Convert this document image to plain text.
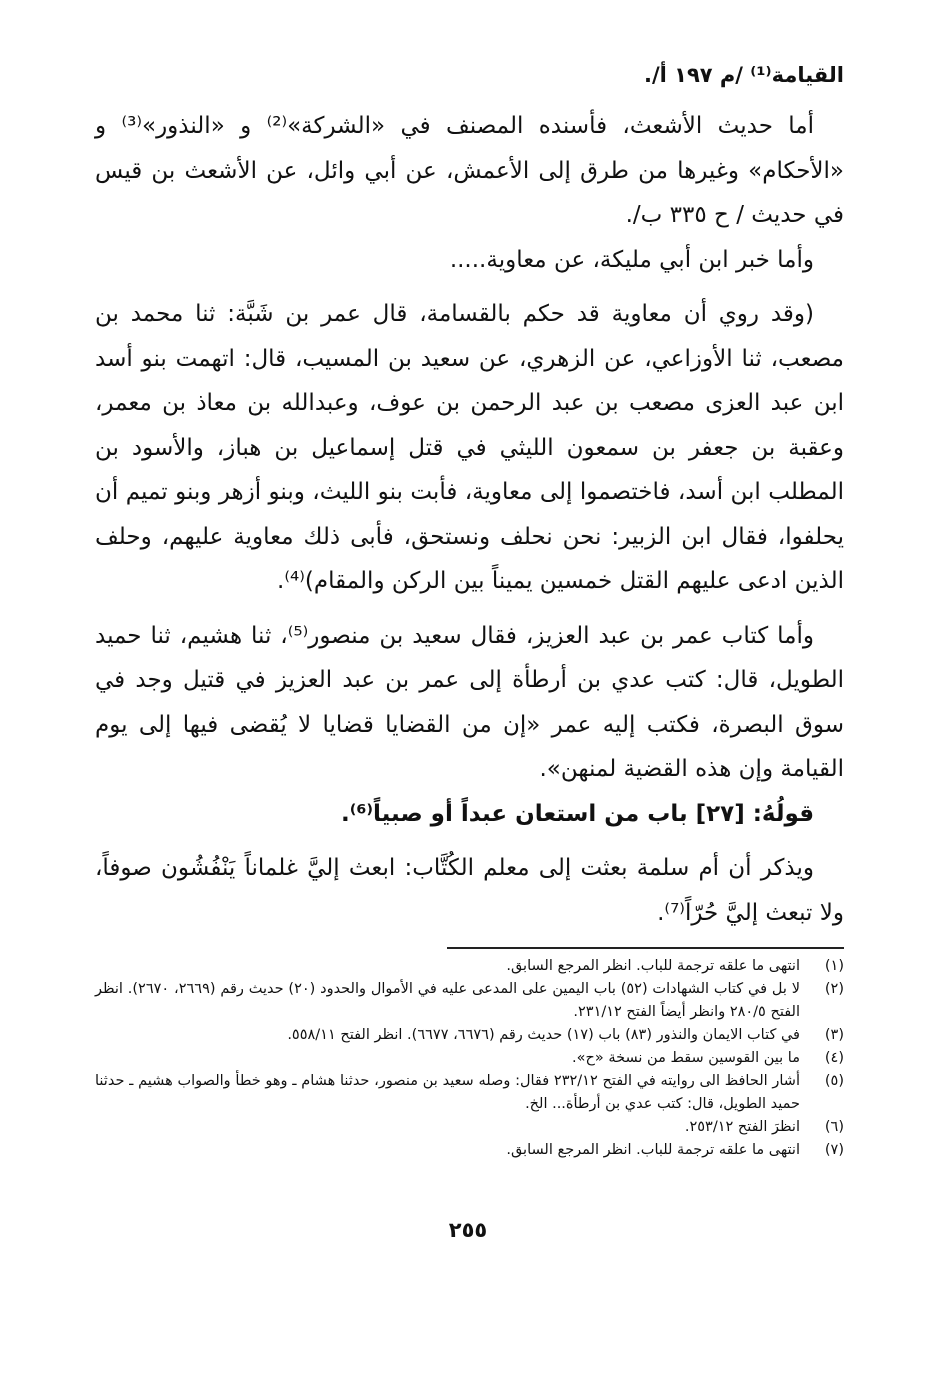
القيامة⁽¹⁾ /م ١٩٧ أ/.

أما حديث الأشعث، فأسنده المصنف في «الشركة»⁽²⁾ و «النذور»⁽³⁾ و «الأحكام» وغيرها من طرق إلى الأعمش، عن أبي وائل، عن الأشعث بن قيس في حديث / ح ٣٣٥ ب/.

وأما خبر ابن أبي مليكة، عن معاوية.....

(وقد روي أن معاوية قد حكم بالقسامة، قال عمر بن شَبَّة: ثنا محمد بن مصعب، ثنا الأوزاعي، عن الزهري، عن سعيد بن المسيب، قال: اتهمت بنو أسد ابن عبد العزى مصعب بن عبد الرحمن بن عوف، وعبدالله بن معاذ بن معمر، وعقبة بن جعفر بن سمعون الليثي في قتل إسماعيل بن هباز، والأسود بن المطلب ابن أسد، فاختصموا إلى معاوية، فأبت بنو الليث، وبنو أزهر وبنو تميم أن يحلفوا، فقال ابن الزبير: نحن نحلف ونستحق، فأبى ذلك معاوية عليهم، وحلف الذين ادعى عليهم القتل خمسين يميناً بين الركن والمقام)⁽⁴⁾.

وأما كتاب عمر بن عبد العزيز، فقال سعيد بن منصور⁽⁵⁾، ثنا هشيم، ثنا حميد الطويل، قال: كتب عدي بن أرطأة إلى عمر بن عبد العزيز في قتيل وجد في سوق البصرة، فكتب إليه عمر «إن من القضايا قضايا لا يُقضى فيها إلى يوم القيامة وإن هذه القضية لمنهن».

قولُهُ: [٢٧] باب من استعان عبداً أو صبياً⁽⁶⁾.

ويذكر أن أم سلمة بعثت إلى معلم الكُتَّاب: ابعث إليَّ غلماناً يَنْفُشُون صوفاً، ولا تبعث إليَّ حُرّاً⁽⁷⁾.

(١)
انتهى ما علقه ترجمة للباب. انظر المرجع السابق.
(٢)
لا بل في كتاب الشهادات (٥٢) باب اليمين على المدعى عليه في الأموال والحدود (٢٠) حديث رقم (٢٦٦٩، ٢٦٧٠). انظر الفتح ٢٨٠/٥ وانظر أيضاً الفتح ٢٣١/١٢.
(٣)
في كتاب الايمان والنذور (٨٣) باب (١٧) حديث رقم (٦٦٧٦، ٦٦٧٧). انظر الفتح ٥٥٨/١١.
(٤)
ما بين القوسين سقط من نسخة «ح».
(٥)
أشار الحافظ الى روايته في الفتح ٢٣٢/١٢ فقال: وصله سعيد بن منصور، حدثنا هشام ـ وهو خطأ والصواب هشيم ـ حدثنا حميد الطويل، قال: كتب عدي بن أرطأة... الخ.
(٦)
انظرَ الفتح ٢٥٣/١٢.
(٧)
انتهى ما علقه ترجمة للباب. انظر المرجع السابق.
٢٥٥
